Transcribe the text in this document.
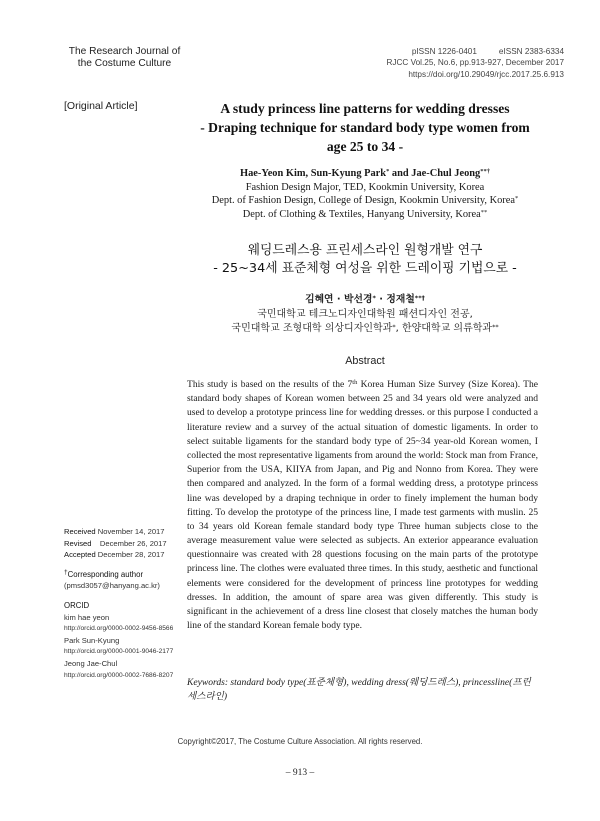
The Research Journal of
the Costume Culture
pISSN 1226-0401	eISSN 2383-6334
RJCC Vol.25, No.6, pp.913-927, December 2017
https://doi.org/10.29049/rjcc.2017.25.6.913
[Original Article]	A study princess line patterns for wedding dresses
- Draping technique for standard body type women from
age 25 to 34 -
Hae-Yeon Kim, Sun-Kyung Park* and Jae-Chul Jeong**†
Fashion Design Major, TED, Kookmin University, Korea
Dept. of Fashion Design, College of Design, Kookmin University, Korea*
Dept. of Clothing & Textiles, Hanyang University, Korea**
웨딩드레스용 프린세스라인 원형개발 연구
- 25~34세 표준체형 여성을 위한 드레이핑 기법으로 -
김혜연 · 박선경* · 정재철**†
국민대학교 테크노디자인대학원 패션디자인 전공,
국민대학교 조형대학 의상디자인학과*, 한양대학교 의류학과**
Abstract
This study is based on the results of the 7th Korea Human Size Survey (Size Korea). The standard body shapes of Korean women between 25 and 34 years old were analyzed and used to develop a prototype princess line for wedding dresses. or this purpose I conducted a literature review and a survey of the actual situation of domestic ligaments. In order to select suitable ligaments for the standard body type of 25~34 year-old Korean women, I collected the most representative ligaments from around the world: Stock man from France, Superior from the USA, KIIYA from Japan, and Pig and Nonno from Korea. They were then compared and analyzed. In the form of a formal wedding dress, a prototype princess line was developed by a draping technique in order to finely implement the human body fitting. To develop the prototype of the princess line, I made test garments with muslin. 25 to 34 years old Korean female standard body type Three human subjects close to the average measurement value were selected as subjects. An exterior appearance evaluation questionnaire was created with 28 questions focusing on the main parts of the prototype princess line. The clothes were evaluated three times. In this study, aesthetic and functional elements were considered for the development of princess line prototypes for wedding dresses. In addition, the amount of spare area was given differently. This study is significant in the achievement of a dress line closest that closely matches the human body line of the standard Korean female body type.
Keywords: standard body type(표준체형), wedding dress(웨딩드레스), princessline(프린세스라인)
Received November 14, 2017
Revised December 26, 2017
Accepted December 28, 2017
†Corresponding author
(pmsd3057@hanyang.ac.kr)
ORCID
kim hae yeon
http://orcid.org/0000-0002-9456-8566
Park Sun-Kyung
http://orcid.org/0000-0001-9046-2177
Jeong Jae-Chul
http://orcid.org/0000-0002-7686-8207
Copyright©2017, The Costume Culture Association. All rights reserved.
– 913 –
